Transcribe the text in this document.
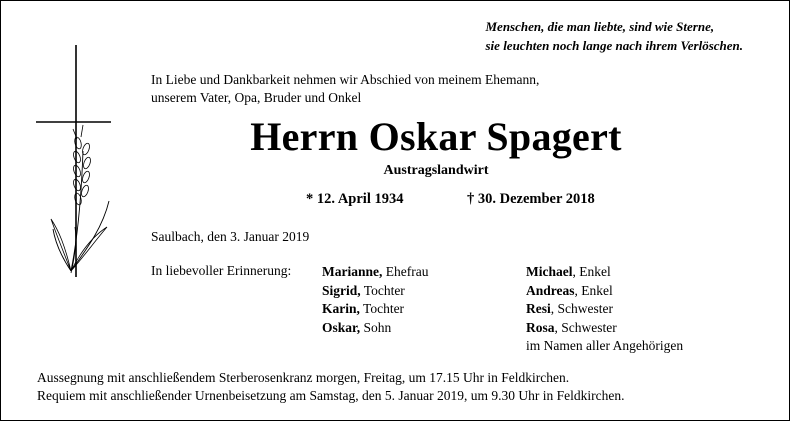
Menschen, die man liebte, sind wie Sterne,
sie leuchten noch lange nach ihrem Verlöschen.
In Liebe und Dankbarkeit nehmen wir Abschied von meinem Ehemann,
unserem Vater, Opa, Bruder und Onkel
Herrn Oskar Spagert
Austragslandwirt
* 12. April 1934	† 30. Dezember 2018
Saulbach, den 3. Januar 2019
In liebevoller Erinnerung: Marianne, Ehefrau
Sigrid, Tochter
Karin, Tochter
Oskar, Sohn
Michael, Enkel
Andreas, Enkel
Resi, Schwester
Rosa, Schwester
im Namen aller Angehörigen
Aussegnung mit anschließendem Sterberosenkranz morgen, Freitag, um 17.15 Uhr in Feldkirchen.
Requiem mit anschließender Urnenbeisetzung am Samstag, den 5. Januar 2019, um 9.30 Uhr in Feldkirchen.
